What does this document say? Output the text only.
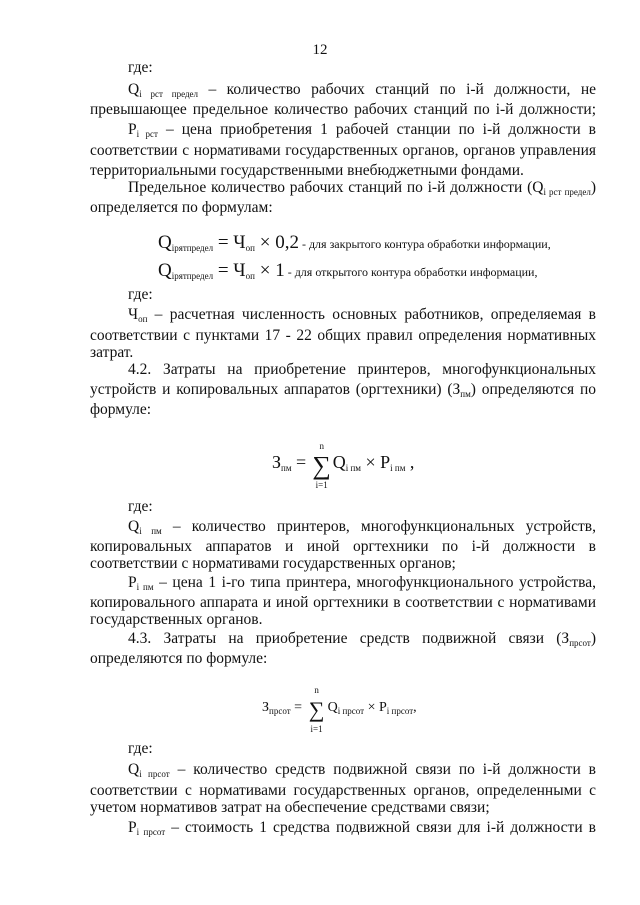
12
где:
$Q_{i рст предел}$ – количество рабочих станций по i-й должности, не
превышающее предельное количество рабочих станций по i-й должности;
$P_{i рст}$ – цена приобретения 1 рабочей станции по i-й должности в
соответствии с нормативами государственных органов, органов управления
территориальными государственными внебюджетными фондами.
Предельное количество рабочих станций по i-й должности $(Q_{i рст предел})$
определяется по формулам:
$Q_{iрятпредел} = Ч_{оп} \times 0,2$ - для закрытого контура обработки информации,
$Q_{iрятпредел} = Ч_{оп} \times 1$ - для открытого контура обработки информации,
где:
$Ч_{оп}$ – расчетная численность основных работников, определяемая в
соответствии с пунктами 17 - 22 общих правил определения нормативных
затрат.
4.2. Затраты на приобретение принтеров, многофункциональных
устройств и копировальных аппаратов (оргтехники) $(З_{пм})$ определяются по
формуле:
$З_{пм}$ =
n
∑
i=1
$Q_{i пм} \times P_{i пм}$ ,
где:
$Q_{i пм}$ – количество принтеров, многофункциональных устройств,
копировальных аппаратов и иной оргтехники по i-й должности в
соответствии с нормативами государственных органов;
$P_{i пм}$ – цена 1 i-го типа принтера, многофункционального устройства,
копировального аппарата и иной оргтехники в соответствии с нормативами
государственных органов.
4.3. Затраты на приобретение средств подвижной связи $(З_{прсот})$
определяются по формуле:
$З_{прсот}$ =
n
∑
i=1
$Q_{i прсот} \times P_{i прсот}$,
где:
$Q_{i прсот}$ – количество средств подвижной связи по i-й должности в
соответствии с нормативами государственных органов, определенными с
учетом нормативов затрат на обеспечение средствами связи;
$P_{i прсот}$ – стоимость 1 средства подвижной связи для i-й должности в
